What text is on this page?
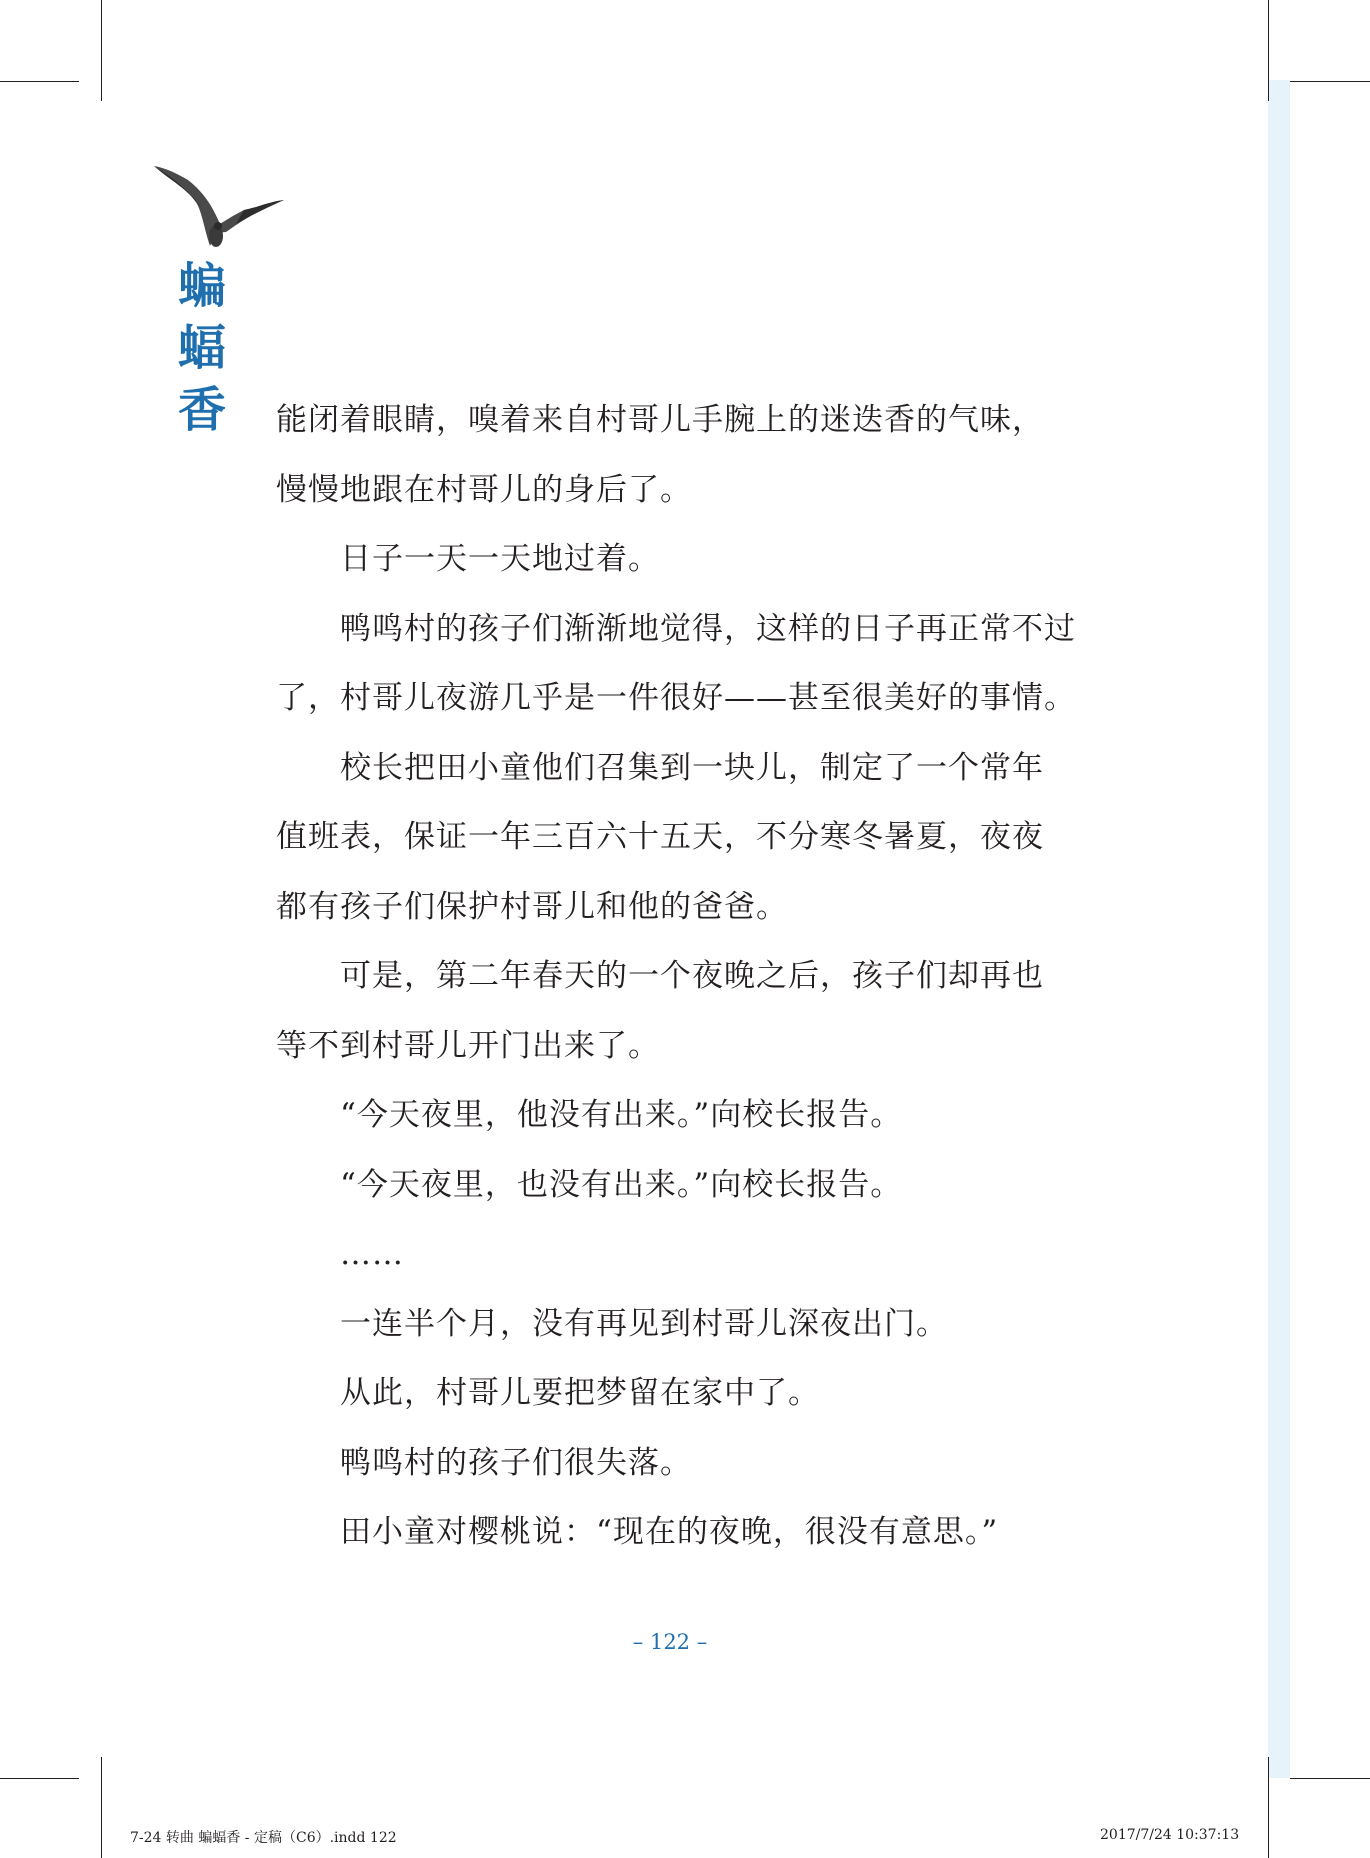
蝙
蝠
香 能闭着眼睛，嗅着来自村哥儿手腕上的迷迭香的气味，

慢慢地跟在村哥儿的身后了。

日子一天一天地过着。

鸭鸣村的孩子们渐渐地觉得，这样的日子再正常不过

了，村哥儿夜游几乎是一件很好——甚至很美好的事情。

校长把田小童他们召集到一块儿，制定了一个常年

值班表，保证一年三百六十五天，不分寒冬暑夏，夜夜

都有孩子们保护村哥儿和他的爸爸。

可是，第二年春天的一个夜晚之后，孩子们却再也

等不到村哥儿开门出来了。

“今天夜里，他没有出来。”向校长报告。

“今天夜里，也没有出来。”向校长报告。

……

一连半个月，没有再见到村哥儿深夜出门。

从此，村哥儿要把梦留在家中了。

鸭鸣村的孩子们很失落。

田小童对樱桃说：“现在的夜晚，很没有意思。”

– 122 –
7-24 转曲 蝙蝠香 - 定稿（C6）.indd 122	2017/7/24 10:37:13
